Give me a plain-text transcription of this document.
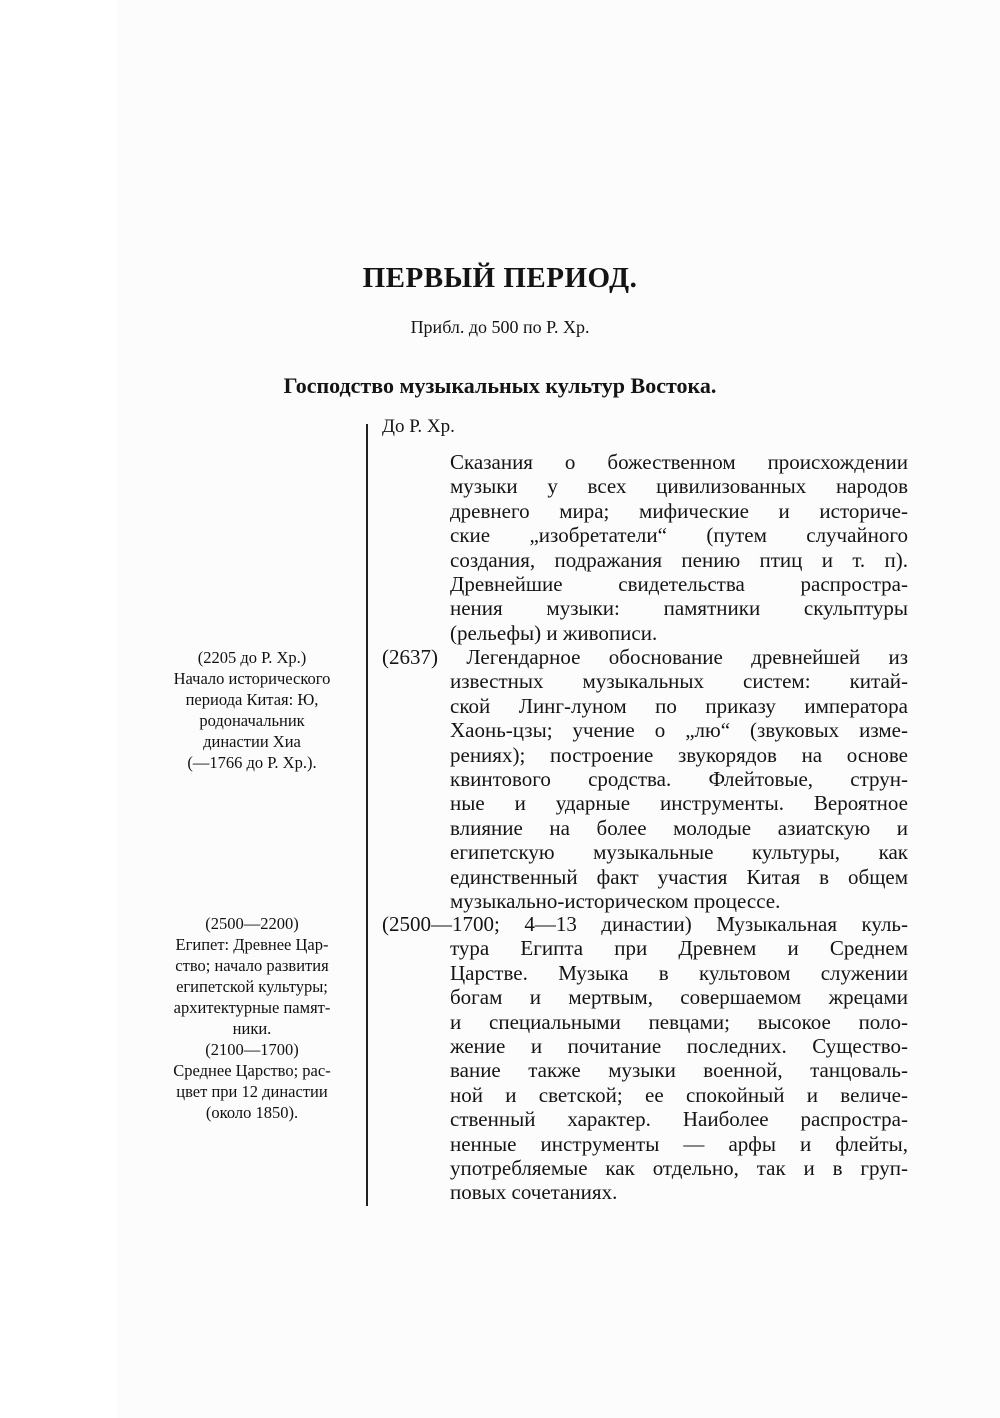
ПЕРВЫЙ ПЕРИОД.
Прибл. до 500 по Р. Хр.
Господство музыкальных культур Востока.
До Р. Хр.
(2205 до Р. Хр.)
Начало исторического
периода Китая: Ю,
родоначальник
династии Хиа
(—1766 до Р. Хр.).
(2500—2200)
Египет: Древнее Цар-
ство; начало развития
египетской культуры;
архитектурные памят-
ники.
(2100—1700)
Среднее Царство; рас-
цвет при 12 династии
(около 1850).
Сказания о божественном происхождении
музыки у всех цивилизованных народов
древнего мира; мифические и историче-
ские „изобретатели“ (путем случайного
создания, подражания пению птиц и т. п).
Древнейшие свидетельства распростра-
нения музыки: памятники скульптуры
(рельефы) и живописи.
(2637) Легендарное обоснование древнейшей из
известных музыкальных систем: китай-
ской Линг-луном по приказу императора
Хаонь-цзы; учение о „лю“ (звуковых изме-
рениях); построение звукорядов на основе
квинтового сродства. Флейтовые, струн-
ные и ударные инструменты. Вероятное
влияние на более молодые азиатскую и
египетскую музыкальные культуры, как
единственный факт участия Китая в общем
музыкально-историческом процессе.
(2500—1700; 4—13 династии) Музыкальная куль-
тура Египта при Древнем и Среднем
Царстве. Музыка в культовом служении
богам и мертвым, совершаемом жрецами
и специальными певцами; высокое поло-
жение и почитание последних. Существо-
вание также музыки военной, танцоваль-
ной и светской; ее спокойный и величе-
ственный характер. Наиболее распростра-
ненные инструменты — арфы и флейты,
употребляемые как отдельно, так и в груп-
повых сочетаниях.
